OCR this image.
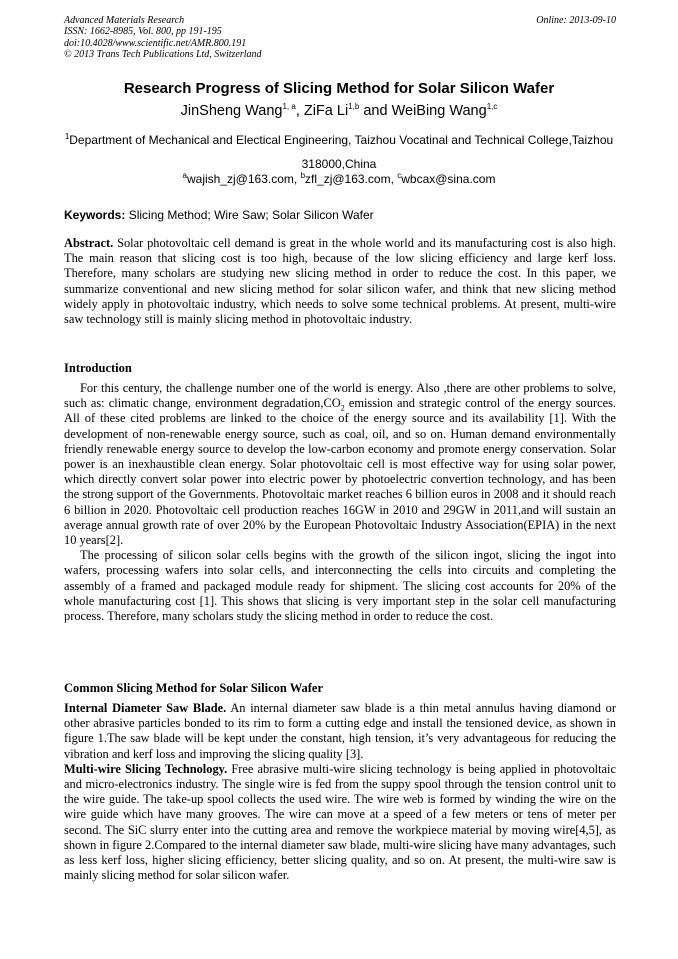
Advanced Materials Research
ISSN: 1662-8985, Vol. 800, pp 191-195
doi:10.4028/www.scientific.net/AMR.800.191
© 2013 Trans Tech Publications Ltd, Switzerland
Online: 2013-09-10
Research Progress of Slicing Method for Solar Silicon Wafer
JinSheng Wang$^{1, a}$, ZiFa Li$^{1,b}$ and WeiBing Wang$^{1,c}$
$^1$Department of Mechanical and Electical Engineering, Taizhou Vocatinal and Technical College,Taizhou 318000,China
$^a$wajish_zj@163.com, $^b$zfl_zj@163.com, $^c$wbcax@sina.com
Keywords: Slicing Method; Wire Saw; Solar Silicon Wafer

Abstract. Solar photovoltaic cell demand is great in the whole world and its manufacturing cost is also high. The main reason that slicing cost is too high, because of the low slicing efficiency and large kerf loss. Therefore, many scholars are studying new slicing method in order to reduce the cost. In this paper, we summarize conventional and new slicing method for solar silicon wafer, and think that new slicing method widely apply in photovoltaic industry, which needs to solve some technical problems. At present, multi-wire saw technology still is mainly slicing method in photovoltaic industry.

Introduction

For this century, the challenge number one of the world is energy. Also ,there are other problems to solve, such as: climatic change, environment $degradation,CO_2$ emission and strategic control of the energy sources. All of these cited problems are linked to the choice of the energy source and its availability [1]. With the development of non-renewable energy source, such as coal, oil, and so on. Human demand environmentally friendly renewable energy source to develop the low-carbon economy and promote energy conservation. Solar power is an inexhaustible clean energy. Solar photovoltaic cell is most effective way for using solar power, which directly convert solar power into electric power by photoelectric convertion technology, and has been the strong support of the Governments. Photovoltaic market reaches 6 billion euros in 2008 and it should reach 6 billion in 2020. Photovoltaic cell production reaches 16GW in 2010 and 29GW in 2011,and will sustain an average annual growth rate of over 20% by the European Photovoltaic Industry Association(EPIA) in the next 10 years[2].

The processing of silicon solar cells begins with the growth of the silicon ingot, slicing the ingot into wafers, processing wafers into solar cells, and interconnecting the cells into circuits and completing the assembly of a framed and packaged module ready for shipment. The slicing cost accounts for 20% of the whole manufacturing cost [1]. This shows that slicing is very important step in the solar cell manufacturing process. Therefore, many scholars study the slicing method in order to reduce the cost.

Common Slicing Method for Solar Silicon Wafer

Internal Diameter Saw Blade. An internal diameter saw blade is a thin metal annulus having diamond or other abrasive particles bonded to its rim to form a cutting edge and install the tensioned device, as shown in figure 1.The saw blade will be kept under the constant, high tension, it’s very advantageous for reducing the vibration and kerf loss and improving the slicing quality [3].

Multi-wire Slicing Technology. Free abrasive multi-wire slicing technology is being applied in photovoltaic and micro-electronics industry. The single wire is fed from the suppy spool through the tension control unit to the wire guide. The take-up spool collects the used wire. The wire web is formed by winding the wire on the wire guide which have many grooves. The wire can move at a speed of a few meters or tens of meter per second. The SiC slurry enter into the cutting area and remove the workpiece material by moving wire[4,5], as shown in figure 2.Compared to the internal diameter saw blade, multi-wire slicing have many advantages, such as less kerf loss, higher slicing efficiency, better slicing quality, and so on. At present, the multi-wire saw is mainly slicing method for solar silicon wafer.
